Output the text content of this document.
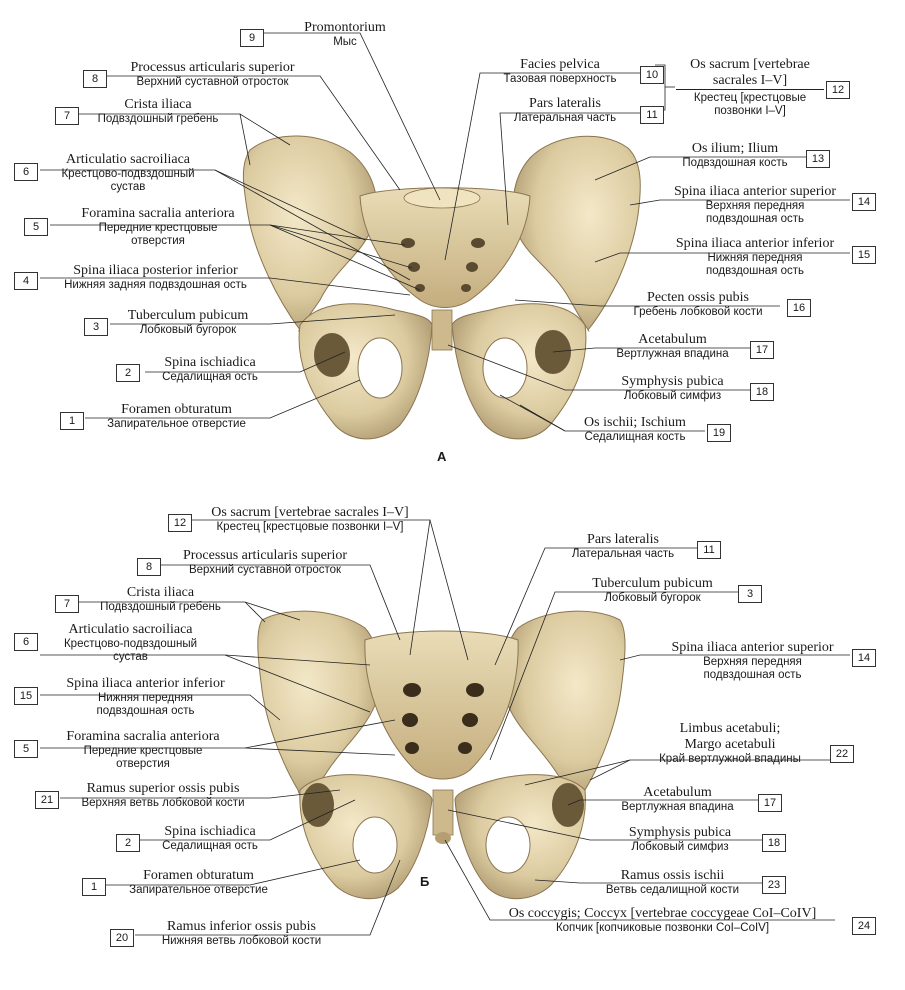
9
Promontorium
Мыс
8
Processus articularis superior
Верхний суставной отросток
7
Crista iliaca
Подвздошный гребень
6
Articulatio sacroiliaca
Крестцово-подвздошный
сустав
5
Foramina sacralia anteriora
Передние крестцовые
отверстия
4
Spina iliaca posterior inferior
Нижняя задняя подвздошная ость
3
Tuberculum pubicum
Лобковый бугорок
2
Spina ischiadica
Седалищная ость
1
Foramen obturatum
Запирательное отверстие
Facies pelvica
Тазовая поверхность	10
Pars lateralis
Латеральная часть	11
Os sacrum [vertebrae
sacrales I–V]
Крестец [крестцовые
позвонки I–V]
12
Os ilium; Ilium
Подвздошная кость	13
Spina iliaca anterior superior
Верхняя передняя
подвздошная ость
14
Spina iliaca anterior inferior
Нижняя передняя
подвздошная ость
15
Pecten ossis pubis
Гребень лобковой кости	16
Acetabulum
Вертлужная впадина	17
Symphysis pubica
Лобковый симфиз	18
Os ischii; Ischium
Седалищная кость	19
А
12
Os sacrum [vertebrae sacrales I–V]
Крестец [крестцовые позвонки I–V]
8
Processus articularis superior
Верхний суставной отросток
7
Crista iliaca
Подвздошный гребень
6
Articulatio sacroiliaca
Крестцово-подвздошный
сустав
15
Spina iliaca anterior inferior
Нижняя передняя
подвздошная ость
5
Foramina sacralia anteriora
Передние крестцовые
отверстия
21
Ramus superior ossis pubis
Верхняя ветвь лобковой кости
2
Spina ischiadica
Седалищная ость
1
Foramen obturatum
Запирательное отверстие
20
Ramus inferior ossis pubis
Нижняя ветвь лобковой кости
Pars lateralis
Латеральная часть	11
Tuberculum pubicum
Лобковый бугорок	3
Spina iliaca anterior superior
Верхняя передняя
подвздошная ость
14
Limbus acetabuli;
Margo acetabuli
Край вертлужной впадины	22
Acetabulum
Вертлужная впадина	17
Symphysis pubica
Лобковый симфиз	18
Ramus ossis ischii
Ветвь седалищной кости	23
Os coccygis; Coccyx [vertebrae coccygeae CoI–CoIV]
Копчик [копчиковые позвонки CoI–CoIV]	24
Б
